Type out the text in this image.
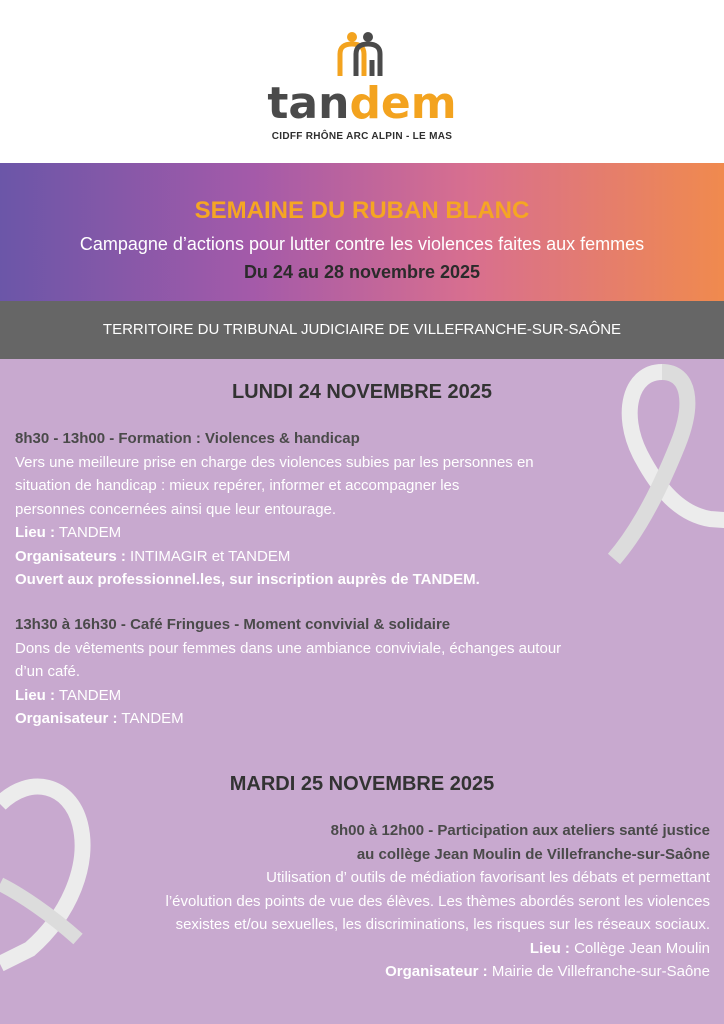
tandem
CIDFF RHÔNE ARC ALPIN - LE MAS
SEMAINE DU RUBAN BLANC
Campagne d’actions pour lutter contre les violences faites aux femmes
Du 24 au 28 novembre 2025
TERRITOIRE DU TRIBUNAL JUDICIAIRE DE VILLEFRANCHE-SUR-SAÔNE
LUNDI 24 NOVEMBRE 2025
8h30 - 13h00 - Formation : Violences & handicap
Vers une meilleure prise en charge des violences subies par les personnes en
situation de handicap : mieux repérer, informer et accompagner les
personnes concernées ainsi que leur entourage.
Lieu : TANDEM
Organisateurs : INTIMAGIR et TANDEM
Ouvert aux professionnel.les, sur inscription auprès de TANDEM.
13h30 à 16h30 - Café Fringues - Moment convivial & solidaire
Dons de vêtements pour femmes dans une ambiance conviviale, échanges autour
d’un café.
Lieu : TANDEM
Organisateur : TANDEM
MARDI 25 NOVEMBRE 2025
8h00 à 12h00 - Participation aux ateliers santé justice
au collège Jean Moulin de Villefranche-sur-Saône
Utilisation d’ outils de médiation favorisant les débats et permettant
l’évolution des points de vue des élèves. Les thèmes abordés seront les violences
sexistes et/ou sexuelles, les discriminations, les risques sur les réseaux sociaux.
Lieu : Collège Jean Moulin
Organisateur : Mairie de Villefranche-sur-Saône
